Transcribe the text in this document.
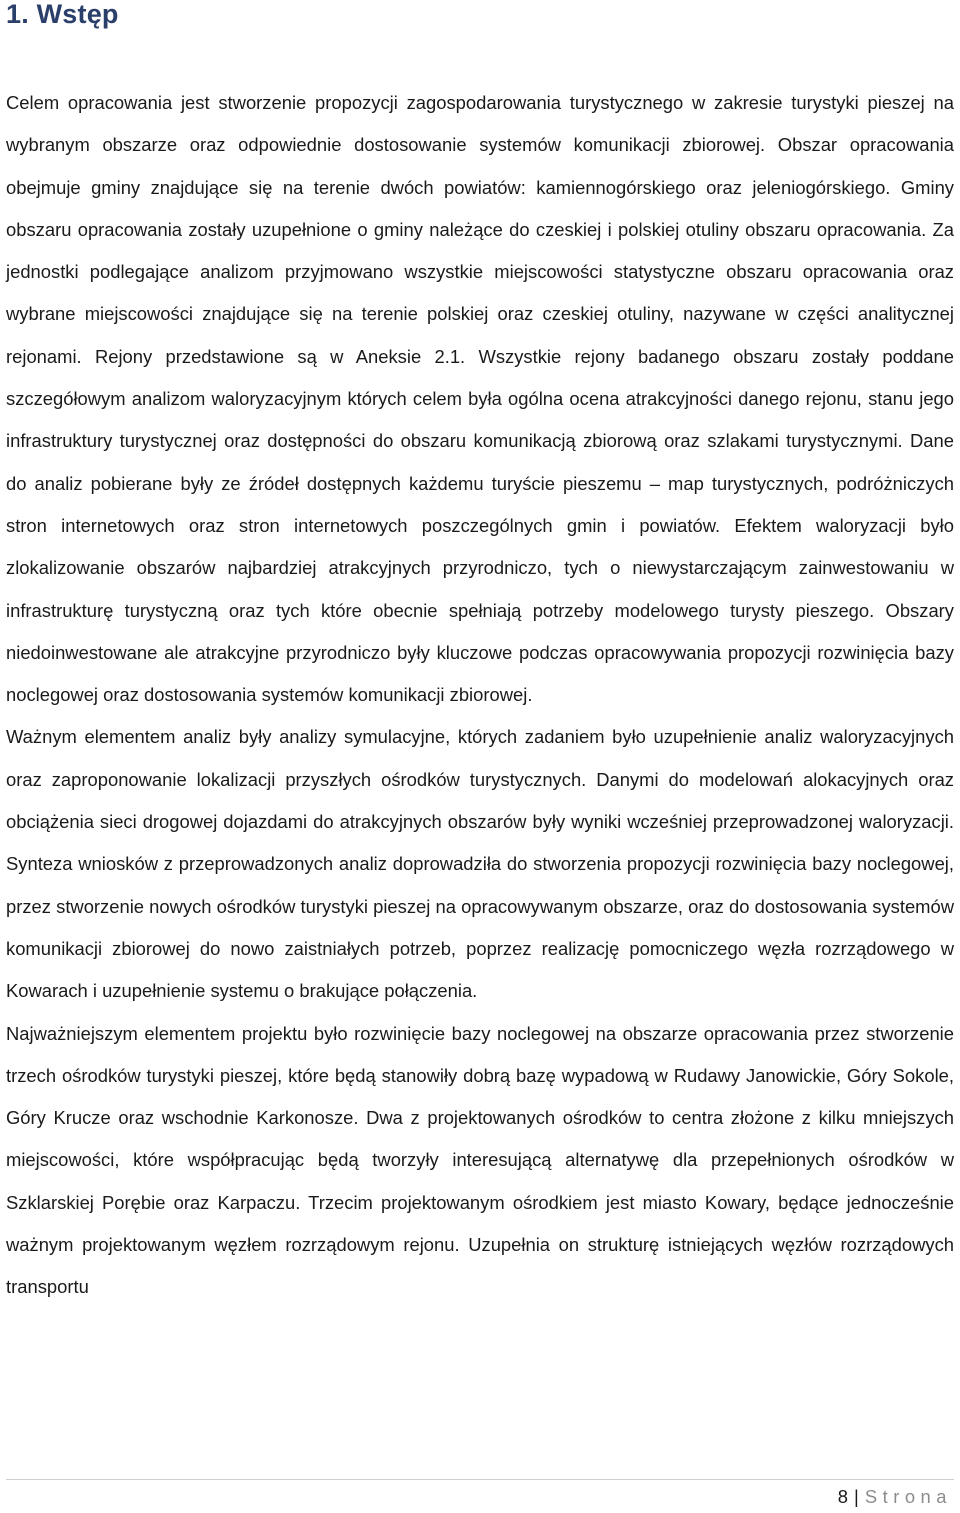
1. Wstęp

Celem opracowania jest stworzenie propozycji zagospodarowania turystycznego w zakresie turystyki pieszej na wybranym obszarze oraz odpowiednie dostosowanie systemów komunikacji zbiorowej. Obszar opracowania obejmuje gminy znajdujące się na terenie dwóch powiatów: kamiennogórskiego oraz jeleniogórskiego. Gminy obszaru opracowania zostały uzupełnione o gminy należące do czeskiej i polskiej otuliny obszaru opracowania. Za jednostki podlegające analizom przyjmowano wszystkie miejscowości statystyczne obszaru opracowania oraz wybrane miejscowości znajdujące się na terenie polskiej oraz czeskiej otuliny, nazywane w części analitycznej rejonami. Rejony przedstawione są w Aneksie 2.1. Wszystkie rejony badanego obszaru zostały poddane szczegółowym analizom waloryzacyjnym których celem była ogólna ocena atrakcyjności danego rejonu, stanu jego infrastruktury turystycznej oraz dostępności do obszaru komunikacją zbiorową oraz szlakami turystycznymi. Dane do analiz pobierane były ze źródeł dostępnych każdemu turyście pieszemu – map turystycznych, podróżniczych stron internetowych oraz stron internetowych poszczególnych gmin i powiatów. Efektem waloryzacji było zlokalizowanie obszarów najbardziej atrakcyjnych przyrodniczo, tych o niewystarczającym zainwestowaniu w infrastrukturę turystyczną oraz tych które obecnie spełniają potrzeby modelowego turysty pieszego. Obszary niedoinwestowane ale atrakcyjne przyrodniczo były kluczowe podczas opracowywania propozycji rozwinięcia bazy noclegowej oraz dostosowania systemów komunikacji zbiorowej.

Ważnym elementem analiz były analizy symulacyjne, których zadaniem było uzupełnienie analiz waloryzacyjnych oraz zaproponowanie lokalizacji przyszłych ośrodków turystycznych. Danymi do modelowań alokacyjnych oraz obciążenia sieci drogowej dojazdami do atrakcyjnych obszarów były wyniki wcześniej przeprowadzonej waloryzacji. Synteza wniosków z przeprowadzonych analiz doprowadziła do stworzenia propozycji rozwinięcia bazy noclegowej, przez stworzenie nowych ośrodków turystyki pieszej na opracowywanym obszarze, oraz do dostosowania systemów komunikacji zbiorowej do nowo zaistniałych potrzeb, poprzez realizację pomocniczego węzła rozrządowego w Kowarach i uzupełnienie systemu o brakujące połączenia.

Najważniejszym elementem projektu było rozwinięcie bazy noclegowej na obszarze opracowania przez stworzenie trzech ośrodków turystyki pieszej, które będą stanowiły dobrą bazę wypadową w Rudawy Janowickie, Góry Sokole, Góry Krucze oraz wschodnie Karkonosze. Dwa z projektowanych ośrodków to centra złożone z kilku mniejszych miejscowości, które współpracując będą tworzyły interesującą alternatywę dla przepełnionych ośrodków w Szklarskiej Porębie oraz Karpaczu. Trzecim projektowanym ośrodkiem jest miasto Kowary, będące jednocześnie ważnym projektowanym węzłem rozrządowym rejonu. Uzupełnia on strukturę istniejących węzłów rozrządowych transportu

8 | Strona
